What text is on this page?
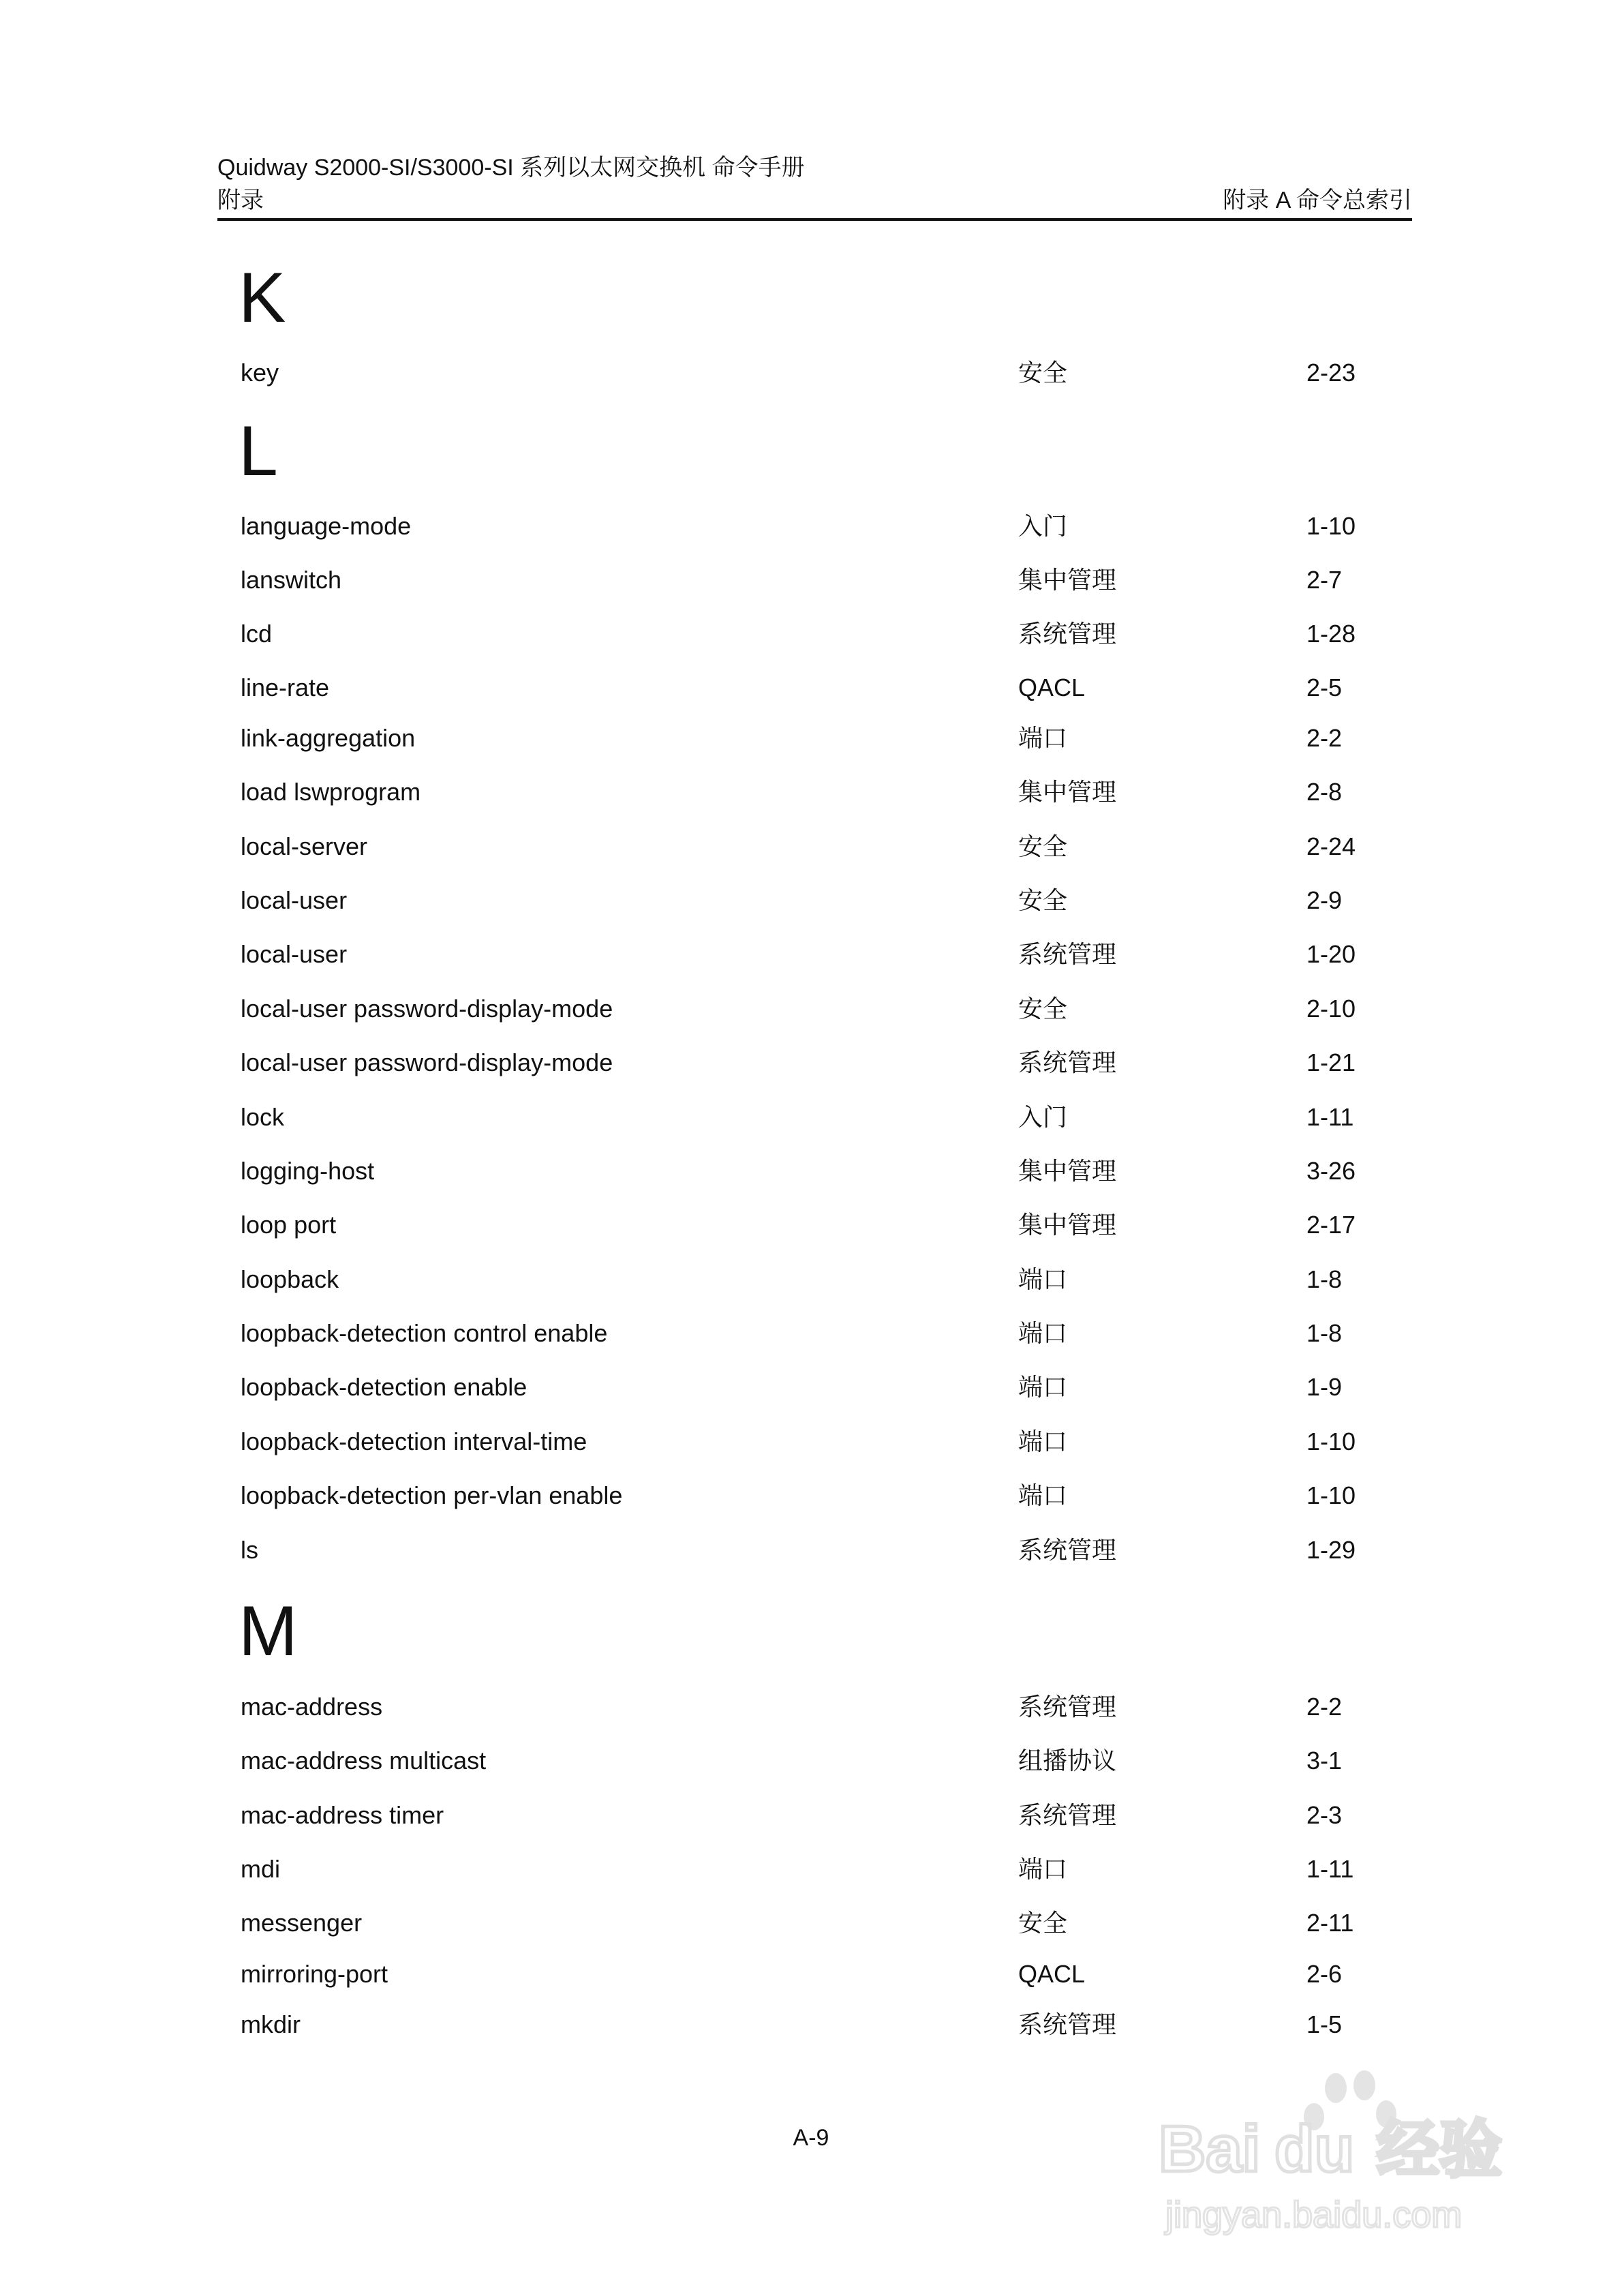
Quidway S2000-SI/S3000-SI 系列以太网交换机 命令手册
附录	附录 A 命令总索引
K
key	安全	2-23
L
language-mode	入门	1-10
lanswitch	集中管理	2-7
lcd	系统管理	1-28
line-rate	QACL	2-5
link-aggregation	端口	2-2
load lswprogram	集中管理	2-8
local-server	安全	2-24
local-user	安全	2-9
local-user	系统管理	1-20
local-user password-display-mode	安全	2-10
local-user password-display-mode	系统管理	1-21
lock	入门	1-11
logging-host	集中管理	3-26
loop port	集中管理	2-17
loopback	端口	1-8
loopback-detection control enable	端口	1-8
loopback-detection enable	端口	1-9
loopback-detection interval-time	端口	1-10
loopback-detection per-vlan enable	端口	1-10
ls	系统管理	1-29
M
mac-address	系统管理	2-2
mac-address multicast	组播协议	3-1
mac-address timer	系统管理	2-3
mdi	端口	1-11
messenger	安全	2-11
mirroring-port	QACL	2-6
mkdir	系统管理	1-5
A-9	Bai du 经验
jingyan.baidu.com
